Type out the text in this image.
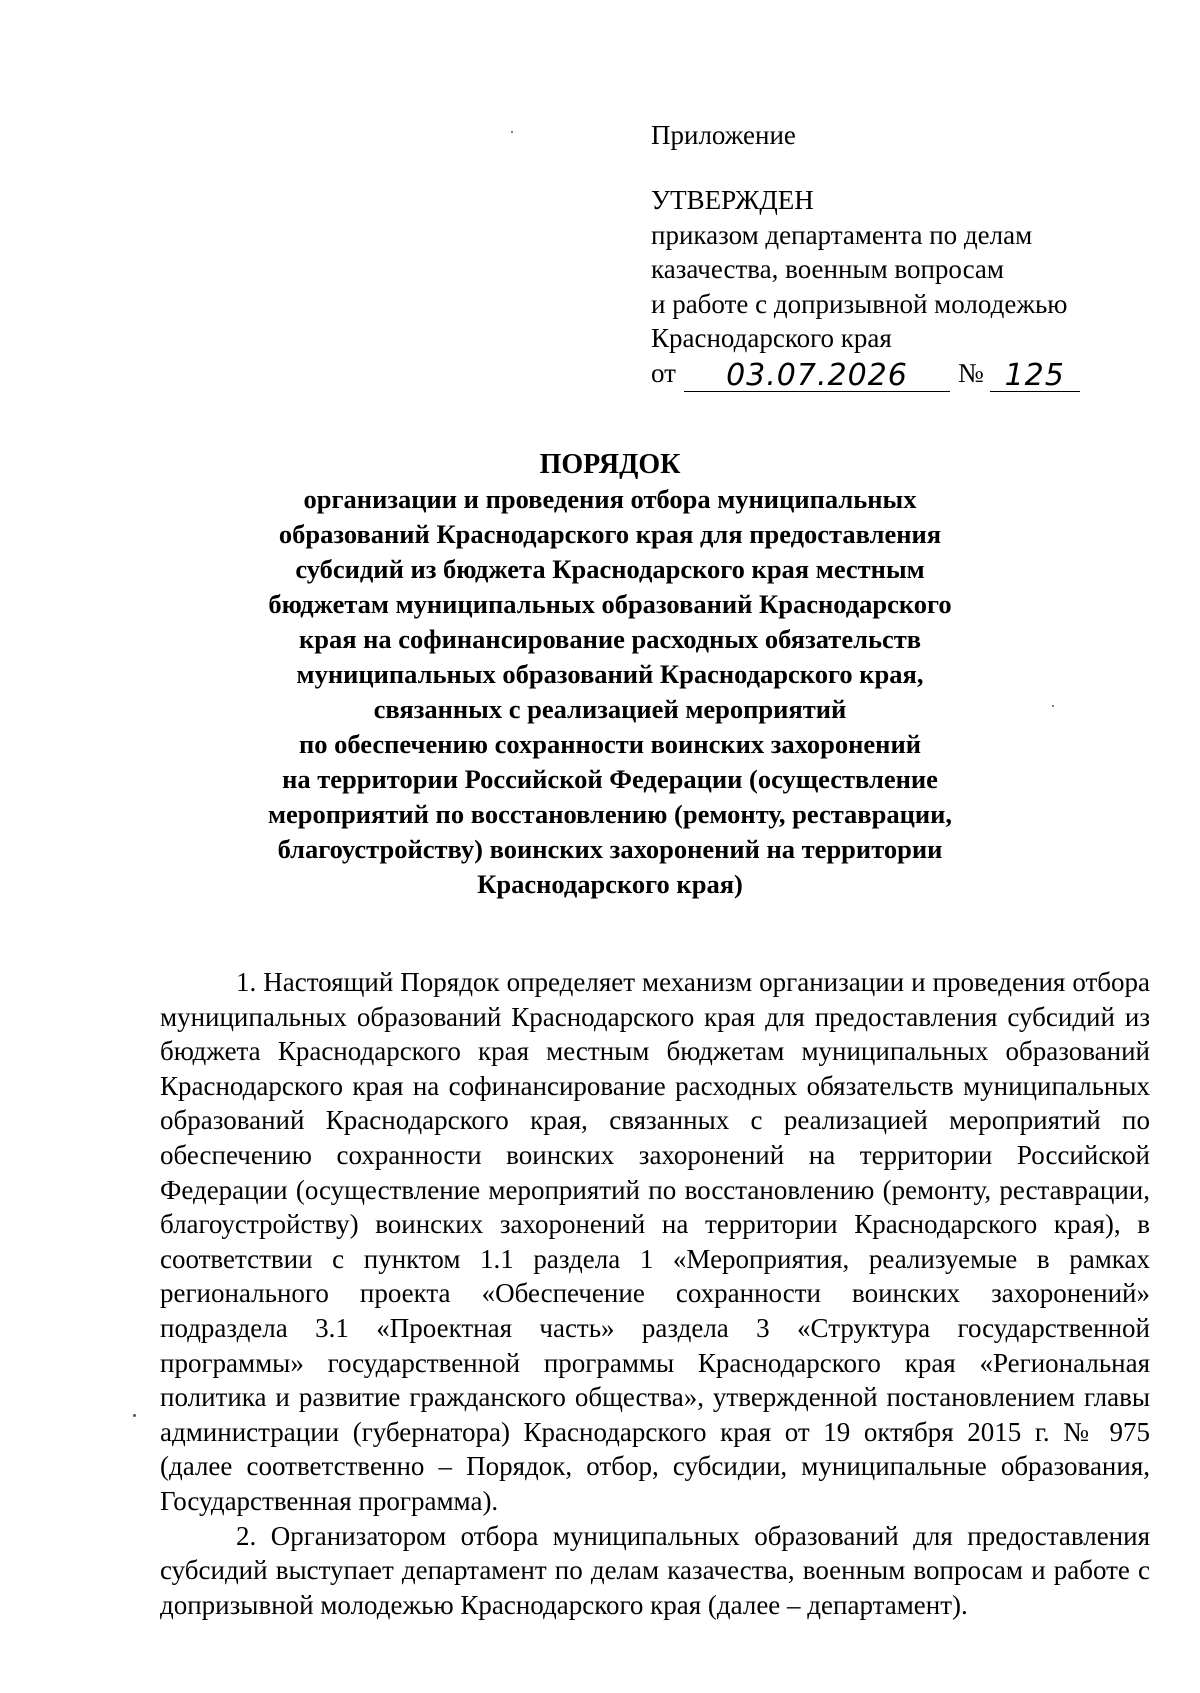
Приложение
УТВЕРЖДЕН
приказом департамента по делам
казачества, военным вопросам
и работе с допризывной молодежью
Краснодарского края
от	03.07.2026	№ 125
ПОРЯДОК
организации и проведения отбора муниципальных
образований Краснодарского края для предоставления
субсидий из бюджета Краснодарского края местным
бюджетам муниципальных образований Краснодарского
края на софинансирование расходных обязательств
муниципальных образований Краснодарского края,
связанных с реализацией мероприятий
по обеспечению сохранности воинских захоронений
на территории Российской Федерации (осуществление
мероприятий по восстановлению (ремонту, реставрации,
благоустройству) воинских захоронений на территории
Краснодарского края)

1. Настоящий Порядок определяет механизм организации и проведения отбора муниципальных образований Краснодарского края для предоставления субсидий из бюджета Краснодарского края местным бюджетам муниципальных образований Краснодарского края на софинансирование расходных обязательств муниципальных образований Краснодарского края, связанных с реализацией мероприятий по обеспечению сохранности воинских захоронений на территории Российской Федерации (осуществление мероприятий по восстановлению (ремонту, реставрации, благоустройству) воинских захоронений на территории Краснодарского края), в соответствии с пунктом 1.1 раздела 1 «Мероприятия, реализуемые в рамках регионального проекта «Обеспечение сохранности воинских захоронений» подраздела 3.1 «Проектная часть» раздела 3 «Структура государственной программы» государственной программы Краснодарского края «Региональная политика и развитие гражданского общества», утвержденной постановлением главы администрации (губернатора) Краснодарского края от 19 октября 2015 г. № 975 (далее соответственно – Порядок, отбор, субсидии, муниципальные образования, Государственная программа).

2. Организатором отбора муниципальных образований для предоставления субсидий выступает департамент по делам казачества, военным вопросам и работе с допризывной молодежью Краснодарского края (далее – департамент).
